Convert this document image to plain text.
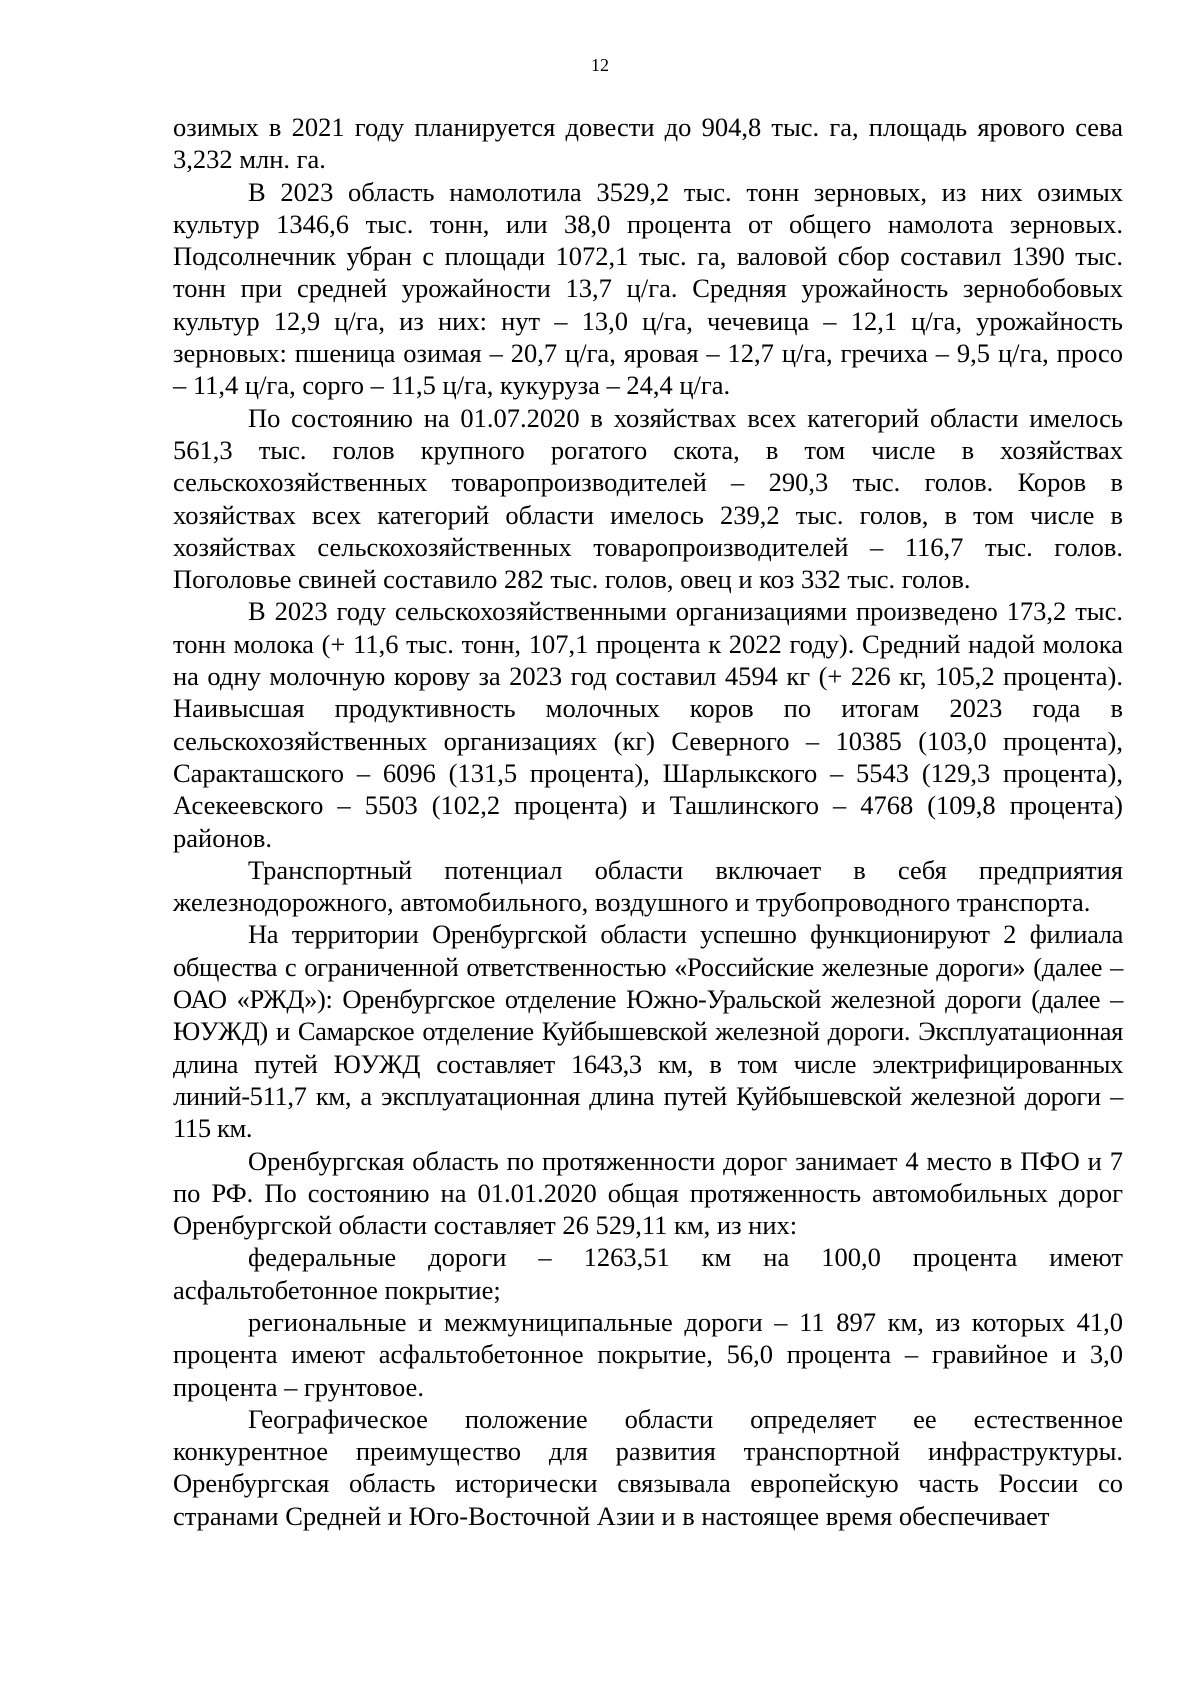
12

озимых в 2021 году планируется довести до 904,8 тыс. га, площадь ярового сева 3,232 млн. га.

В 2023 область намолотила 3529,2 тыс. тонн зерновых, из них озимых культур 1346,6 тыс. тонн, или 38,0 процента от общего намолота зерновых. Подсолнечник убран с площади 1072,1 тыс. га, валовой сбор составил 1390 тыс. тонн при средней урожайности 13,7 ц/га. Средняя урожайность зернобобовых культур 12,9 ц/га, из них: нут – 13,0 ц/га, чечевица – 12,1 ц/га, урожайность зерновых: пшеница озимая – 20,7 ц/га, яровая – 12,7 ц/га, гречиха – 9,5 ц/га, просо – 11,4 ц/га, сорго – 11,5 ц/га, кукуруза – 24,4 ц/га.

По состоянию на 01.07.2020 в хозяйствах всех категорий области имелось 561,3 тыс. голов крупного рогатого скота, в том числе в хозяйствах сельскохозяйственных товаропроизводителей – 290,3 тыс. голов. Коров в хозяйствах всех категорий области имелось 239,2 тыс. голов, в том числе в хозяйствах сельскохозяйственных товаропроизводителей – 116,7 тыс. голов. Поголовье свиней составило 282 тыс. голов, овец и коз 332 тыс. голов.

В 2023 году сельскохозяйственными организациями произведено 173,2 тыс. тонн молока (+ 11,6 тыс. тонн, 107,1 процента к 2022 году). Средний надой молока на одну молочную корову за 2023 год составил 4594 кг (+ 226 кг, 105,2 процента). Наивысшая продуктивность молочных коров по итогам 2023 года в сельскохозяйственных организациях (кг) Северного – 10385 (103,0 процента), Саракташского – 6096 (131,5 процента), Шарлыкского – 5543 (129,3 процента), Асекеевского – 5503 (102,2 процента) и Ташлинского – 4768 (109,8 процента) районов.

Транспортный потенциал области включает в себя предприятия железнодорожного, автомобильного, воздушного и трубопроводного транспорта.

На территории Оренбургской области успешно функционируют 2 филиала общества с ограниченной ответственностью «Российские железные дороги» (далее – ОАО «РЖД»): Оренбургское отделение Южно-Уральской железной дороги (далее – ЮУЖД) и Самарское отделение Куйбышевской железной дороги. Эксплуатационная длина путей ЮУЖД составляет 1643,3 км, в том числе электрифицированных линий-511,7 км, а эксплуатационная длина путей Куйбышевской железной дороги – 115 км.

Оренбургская область по протяженности дорог занимает 4 место в ПФО и 7 по РФ. По состоянию на 01.01.2020 общая протяженность автомобильных дорог Оренбургской области составляет 26 529,11 км, из них:

федеральные дороги – 1263,51 км на 100,0 процента имеют асфальтобетонное покрытие;

региональные и межмуниципальные дороги – 11 897 км, из которых 41,0 процента имеют асфальтобетонное покрытие, 56,0 процента – гравийное и 3,0 процента – грунтовое.

Географическое положение области определяет ее естественное конкурентное преимущество для развития транспортной инфраструктуры. Оренбургская область исторически связывала европейскую часть России со странами Средней и Юго-Восточной Азии и в настоящее время обеспечивает
